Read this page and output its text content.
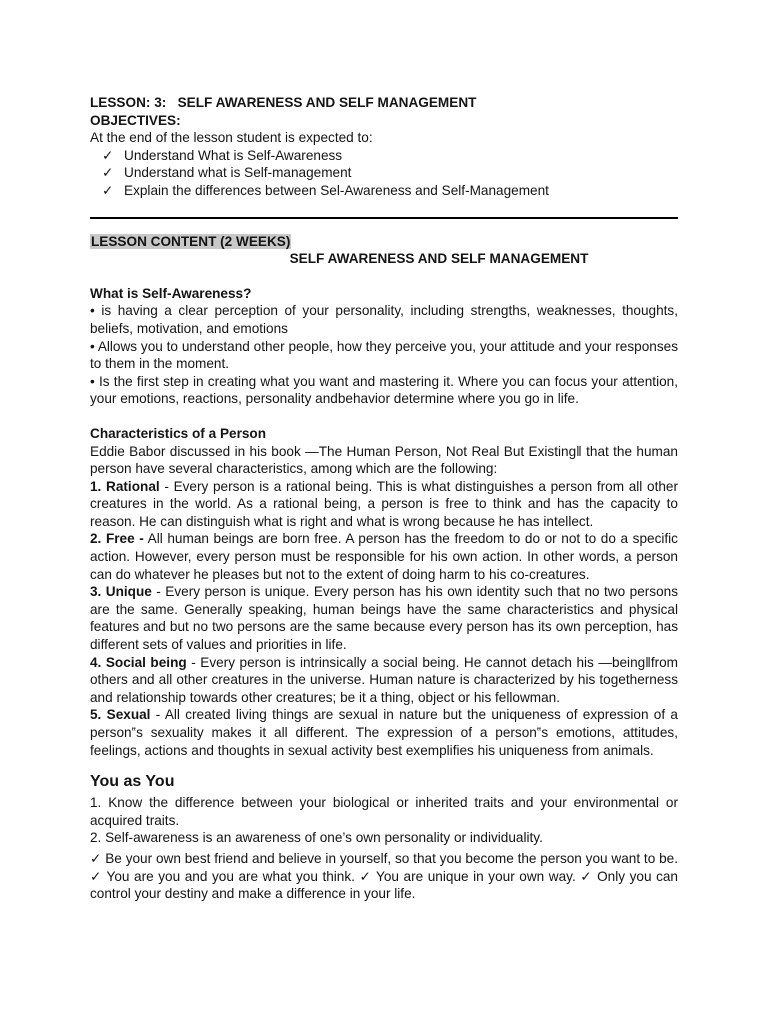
LESSON: 3:   SELF AWARENESS AND SELF MANAGEMENT

OBJECTIVES:

At the end of the lesson student is expected to:

✓ Understand What is Self-Awareness
✓ Understand what is Self-management
✓ Explain the differences between Sel-Awareness and Self-Management

LESSON CONTENT (2 WEEKS)

SELF AWARENESS AND SELF MANAGEMENT

What is Self-Awareness?

• is having a clear perception of your personality, including strengths, weaknesses, thoughts, beliefs, motivation, and emotions

• Allows you to understand other people, how they perceive you, your attitude and your responses to them in the moment.

• Is the first step in creating what you want and mastering it. Where you can focus your attention, your emotions, reactions, personality andbehavior determine where you go in life.

Characteristics of a Person

Eddie Babor discussed in his book ―The Human Person, Not Real But Existing‖ that the human person have several characteristics, among which are the following:

1. Rational - Every person is a rational being. This is what distinguishes a person from all other creatures in the world. As a rational being, a person is free to think and has the capacity to reason. He can distinguish what is right and what is wrong because he has intellect.

2. Free - All human beings are born free. A person has the freedom to do or not to do a specific action. However, every person must be responsible for his own action. In other words, a person can do whatever he pleases but not to the extent of doing harm to his co-creatures.

3. Unique - Every person is unique. Every person has his own identity such that no two persons are the same. Generally speaking, human beings have the same characteristics and physical features and but no two persons are the same because every person has its own perception, has different sets of values and priorities in life.

4. Social being - Every person is intrinsically a social being. He cannot detach his ―being‖from others and all other creatures in the universe. Human nature is characterized by his togetherness and relationship towards other creatures; be it a thing, object or his fellowman.

5. Sexual - All created living things are sexual in nature but the uniqueness of expression of a person‟s sexuality makes it all different. The expression of a person‟s emotions, attitudes, feelings, actions and thoughts in sexual activity best exemplifies his uniqueness from animals.

You as You

1. Know the difference between your biological or inherited traits and your environmental or acquired traits.

2. Self-awareness is an awareness of one’s own personality or individuality.

✓ Be your own best friend and believe in yourself, so that you become the person you want to be. ✓ You are you and you are what you think. ✓ You are unique in your own way. ✓ Only you can control your destiny and make a difference in your life.
